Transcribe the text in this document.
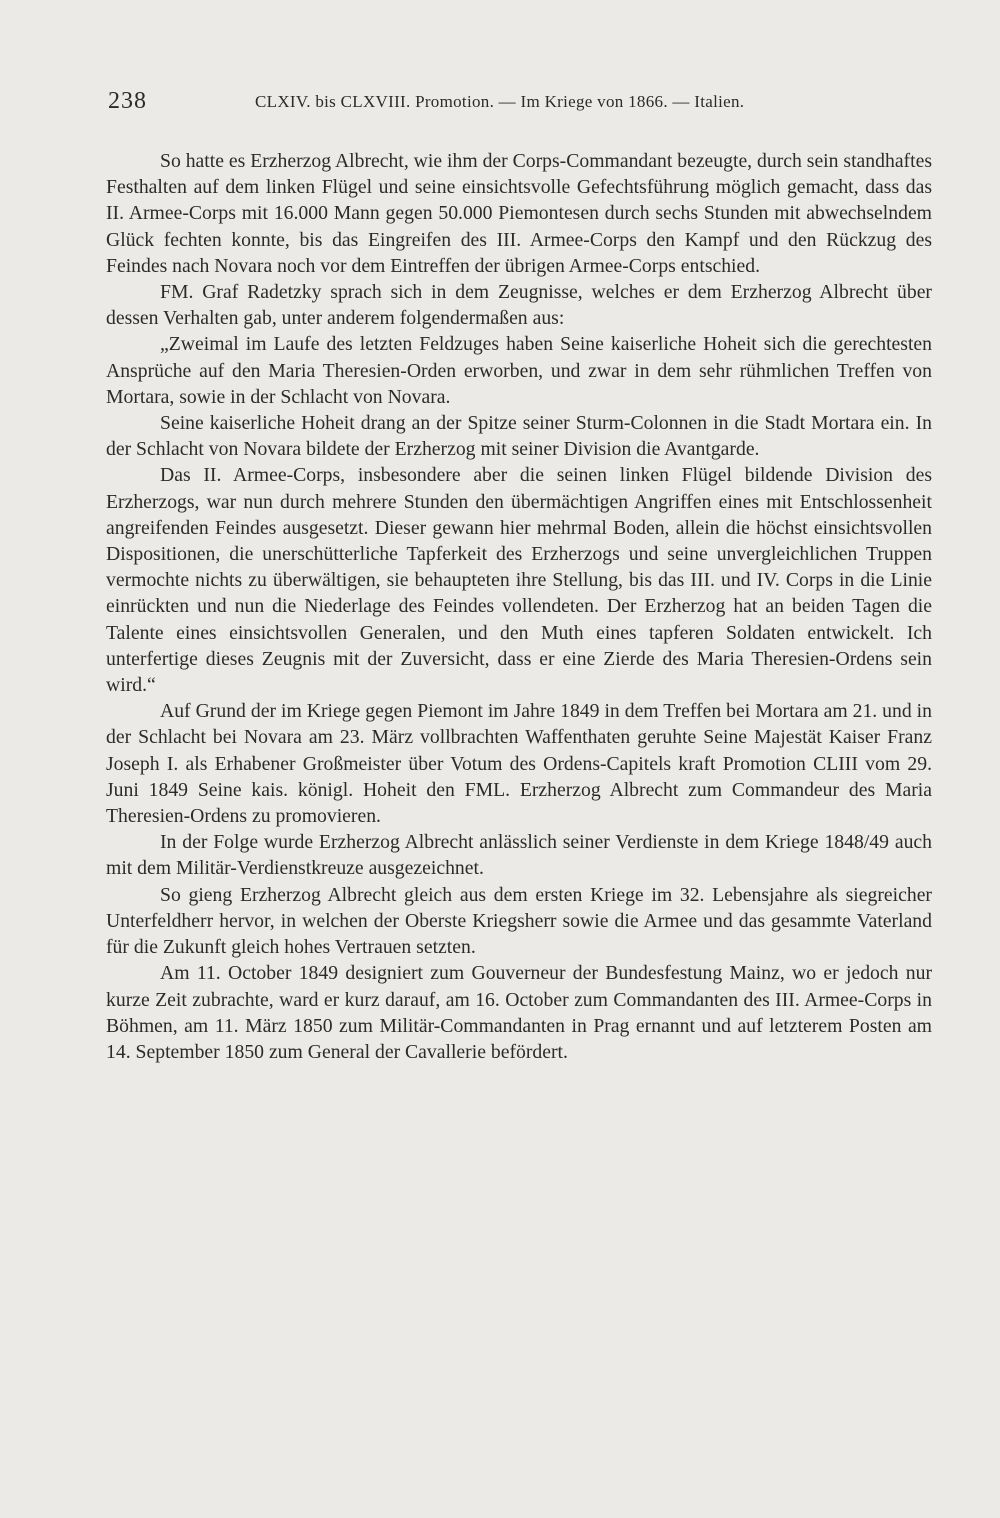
238	CLXIV. bis CLXVIII. Promotion. — Im Kriege von 1866. — Italien.

So hatte es Erzherzog Albrecht, wie ihm der Corps-Commandant bezeugte, durch sein standhaftes Festhalten auf dem linken Flügel und seine einsichtsvolle Gefechtsführung möglich gemacht, dass das II. Armee-Corps mit 16.000 Mann gegen 50.000 Piemontesen durch sechs Stunden mit abwechselndem Glück fechten konnte, bis das Eingreifen des III. Armee-Corps den Kampf und den Rückzug des Feindes nach Novara noch vor dem Eintreffen der übrigen Armee-Corps entschied.

FM. Graf Radetzky sprach sich in dem Zeugnisse, welches er dem Erzherzog Albrecht über dessen Verhalten gab, unter anderem folgendermaßen aus:

„Zweimal im Laufe des letzten Feldzuges haben Seine kaiserliche Hoheit sich die gerechtesten Ansprüche auf den Maria Theresien-Orden erworben, und zwar in dem sehr rühmlichen Treffen von Mortara, sowie in der Schlacht von Novara.

Seine kaiserliche Hoheit drang an der Spitze seiner Sturm-Colonnen in die Stadt Mortara ein. In der Schlacht von Novara bildete der Erzherzog mit seiner Division die Avantgarde.

Das II. Armee-Corps, insbesondere aber die seinen linken Flügel bildende Division des Erzherzogs, war nun durch mehrere Stunden den übermächtigen Angriffen eines mit Entschlossenheit angreifenden Feindes ausgesetzt. Dieser gewann hier mehrmal Boden, allein die höchst einsichtsvollen Dispositionen, die unerschütterliche Tapferkeit des Erzherzogs und seine unvergleichlichen Truppen vermochte nichts zu überwältigen, sie behaupteten ihre Stellung, bis das III. und IV. Corps in die Linie einrückten und nun die Niederlage des Feindes vollendeten. Der Erzherzog hat an beiden Tagen die Talente eines einsichtsvollen Generalen, und den Muth eines tapferen Soldaten entwickelt. Ich unterfertige dieses Zeugnis mit der Zuversicht, dass er eine Zierde des Maria Theresien-Ordens sein wird.“

Auf Grund der im Kriege gegen Piemont im Jahre 1849 in dem Treffen bei Mortara am 21. und in der Schlacht bei Novara am 23. März vollbrachten Waffenthaten geruhte Seine Majestät Kaiser Franz Joseph I. als Erhabener Großmeister über Votum des Ordens-Capitels kraft Promotion CLIII vom 29. Juni 1849 Seine kais. königl. Hoheit den FML. Erzherzog Albrecht zum Commandeur des Maria Theresien-Ordens zu promovieren.

In der Folge wurde Erzherzog Albrecht anlässlich seiner Verdienste in dem Kriege 1848/49 auch mit dem Militär-Verdienstkreuze ausgezeichnet.

So gieng Erzherzog Albrecht gleich aus dem ersten Kriege im 32. Lebensjahre als siegreicher Unterfeldherr hervor, in welchen der Oberste Kriegsherr sowie die Armee und das gesammte Vaterland für die Zukunft gleich hohes Vertrauen setzten.

Am 11. October 1849 designiert zum Gouverneur der Bundesfestung Mainz, wo er jedoch nur kurze Zeit zubrachte, ward er kurz darauf, am 16. October zum Commandanten des III. Armee-Corps in Böhmen, am 11. März 1850 zum Militär-Commandanten in Prag ernannt und auf letzterem Posten am 14. September 1850 zum General der Cavallerie befördert.
